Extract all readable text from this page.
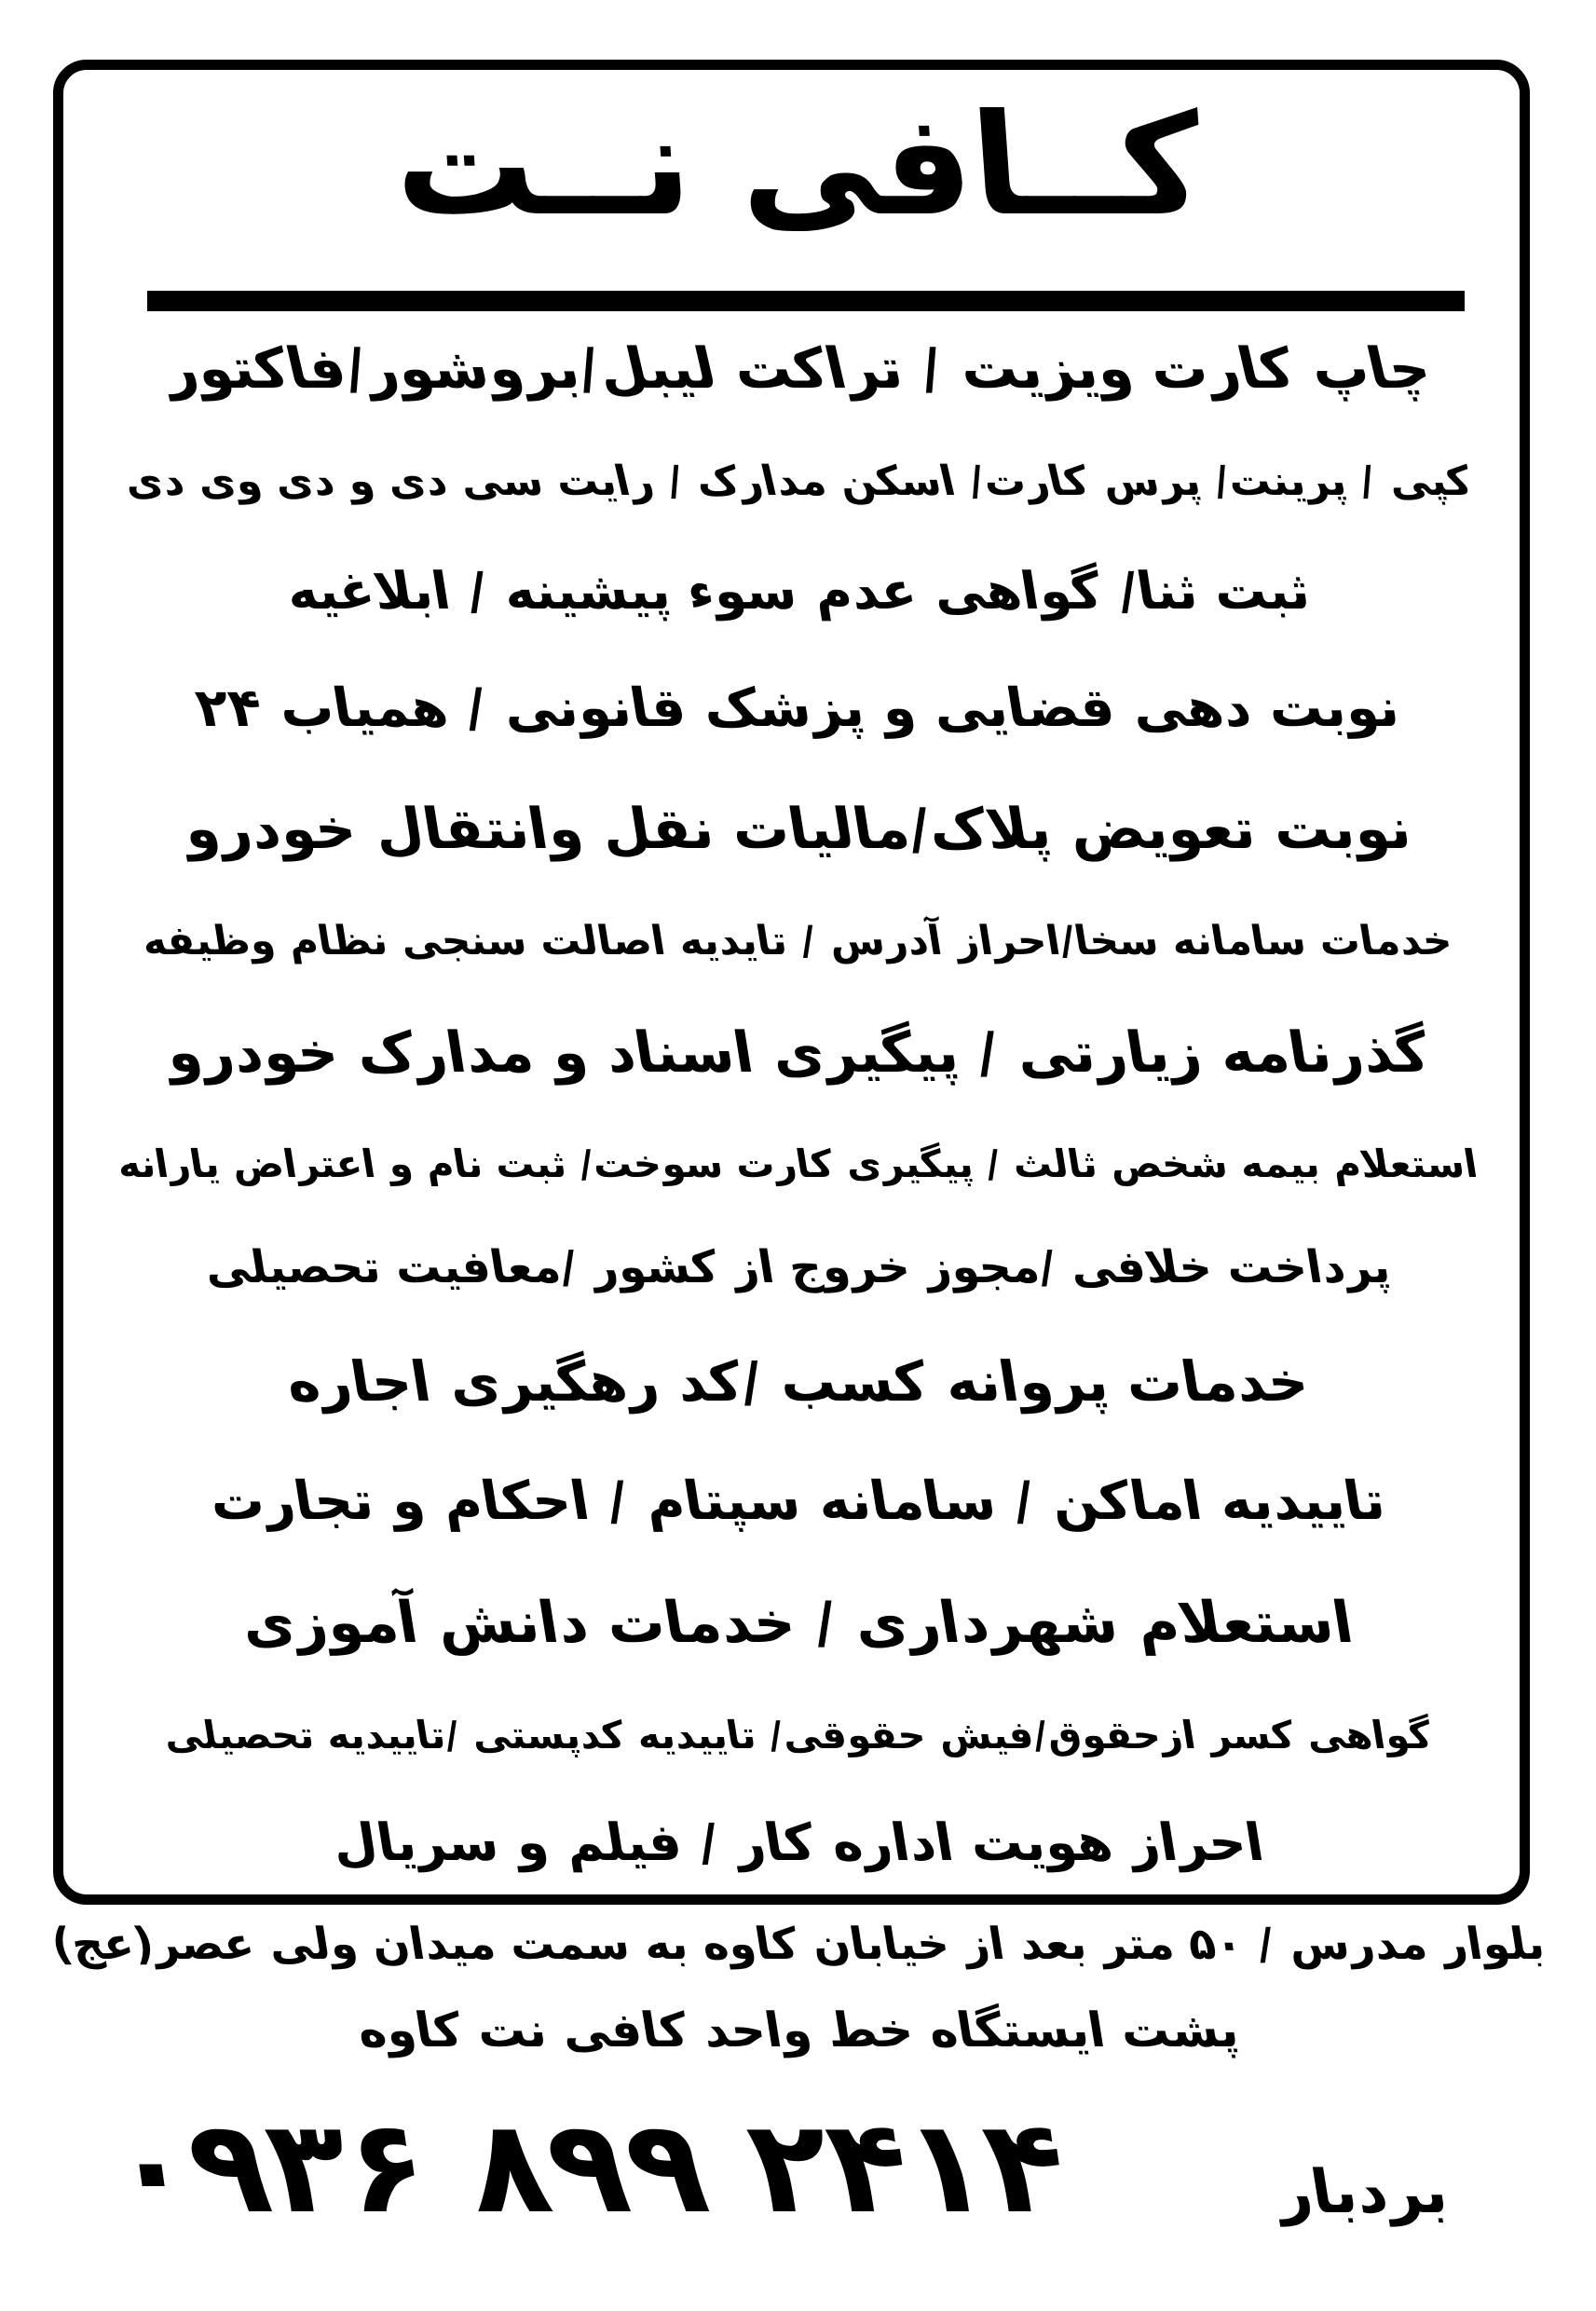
کــافی نــت
چاپ کارت ویزیت / تراکت لیبل/بروشور/فاکتور
کپی / پرینت/ پرس کارت/ اسکن مدارک / رایت سی دی و دی وی دی
ثبت ثنا/ گواهی عدم سوء پیشینه / ابلاغیه
نوبت دهی قضایی و پزشک قانونی / همیاب ۲۴
نوبت تعویض پلاک/مالیات نقل وانتقال خودرو
خدمات سامانه سخا/احراز آدرس / تایدیه اصالت سنجی نظام وظیفه
گذرنامه زیارتی / پیگیری اسناد و مدارک خودرو
استعلام بیمه شخص ثالث / پیگیری کارت سوخت/ ثبت نام و اعتراض یارانه
پرداخت خلافی /مجوز خروج از کشور /معافیت تحصیلی
خدمات پروانه کسب /کد رهگیری اجاره
تاییدیه اماکن / سامانه سپتام / احکام و تجارت
استعلام شهرداری / خدمات دانش آموزی
گواهی کسر ازحقوق/فیش حقوقی/ تاییدیه کدپستی /تاییدیه تحصیلی
احراز هویت اداره کار / فیلم و سریال
بلوار مدرس / ۵۰ متر بعد از خیابان کاوه به سمت میدان ولی عصر(عج)
پشت ایستگاه خط واحد کافی نت کاوه
۰۹۳۶ ۸۹۹ ۲۴۱۴	بردبار
